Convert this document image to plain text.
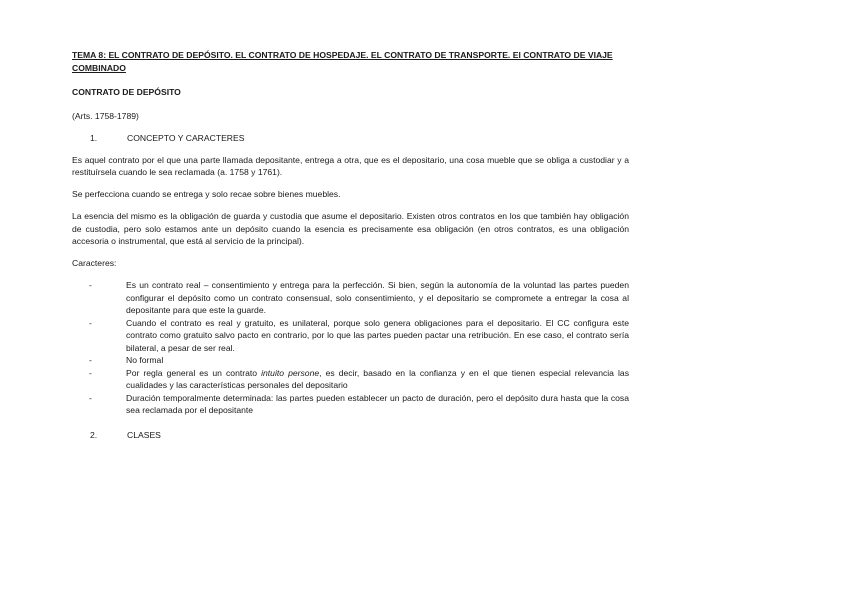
TEMA 8: EL CONTRATO DE DEPÓSITO. EL CONTRATO DE HOSPEDAJE. EL CONTRATO DE TRANSPORTE. El CONTRATO DE VIAJE COMBINADO
CONTRATO DE DEPÓSITO
(Arts. 1758-1789)
1.	CONCEPTO Y CARACTERES
Es aquel contrato por el que una parte llamada depositante, entrega a otra, que es el depositario, una cosa mueble que se obliga a custodiar y a restituírsela cuando le sea reclamada (a. 1758 y 1761).
Se perfecciona cuando se entrega y solo recae sobre bienes muebles.
La esencia del mismo es la obligación de guarda y custodia que asume el depositario. Existen otros contratos en los que también hay obligación de custodia, pero solo estamos ante un depósito cuando la esencia es precisamente esa obligación (en otros contratos, es una obligación accesoria o instrumental, que está al servicio de la principal).
Caracteres:
-	Es un contrato real – consentimiento y entrega para la perfección. Si bien, según la autonomía de la voluntad las partes pueden configurar el depósito como un contrato consensual, solo consentimiento, y el depositario se compromete a entregar la cosa al depositante para que este la guarde.
-	Cuando el contrato es real y gratuito, es unilateral, porque solo genera obligaciones para el depositario. El CC configura este contrato como gratuito salvo pacto en contrario, por lo que las partes pueden pactar una retribución. En ese caso, el contrato sería bilateral, a pesar de ser real.
-	No formal
-	Por regla general es un contrato intuito persone, es decir, basado en la confianza y en el que tienen especial relevancia las cualidades y las características personales del depositario
-	Duración temporalmente determinada: las partes pueden establecer un pacto de duración, pero el depósito dura hasta que la cosa sea reclamada por el depositante
2.	CLASES
